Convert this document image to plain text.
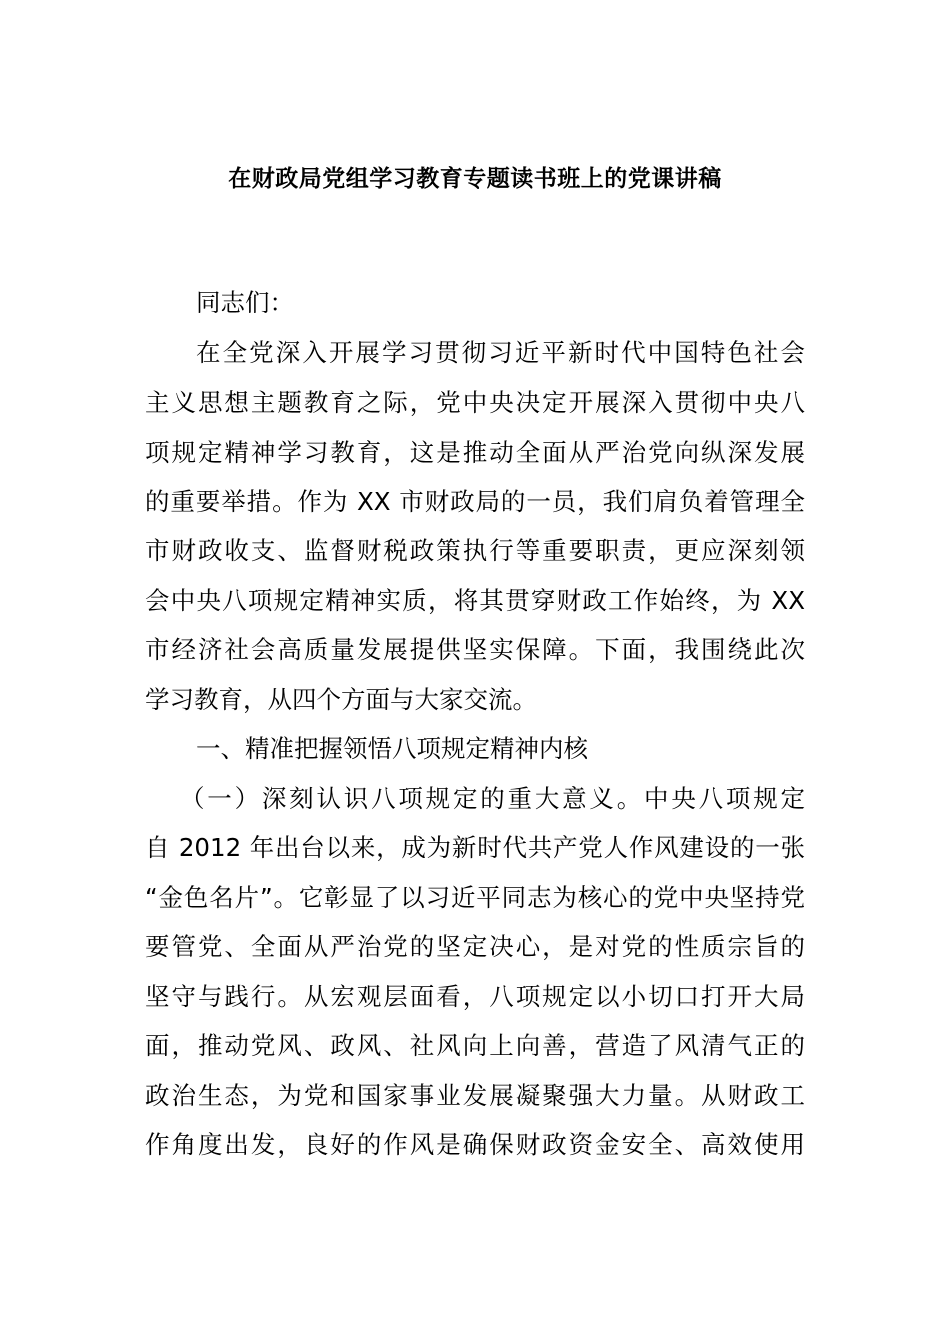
在财政局党组学习教育专题读书班上的党课讲稿
同志们：
在全党深入开展学习贯彻习近平新时代中国特色社会
主义思想主题教育之际，党中央决定开展深入贯彻中央八
项规定精神学习教育，这是推动全面从严治党向纵深发展
的重要举措。作为 XX 市财政局的一员，我们肩负着管理全
市财政收支、监督财税政策执行等重要职责，更应深刻领
会中央八项规定精神实质，将其贯穿财政工作始终，为 XX
市经济社会高质量发展提供坚实保障。下面，我围绕此次
学习教育，从四个方面与大家交流。
一、精准把握领悟八项规定精神内核
（一）深刻认识八项规定的重大意义。中央八项规定
自 2012 年出台以来，成为新时代共产党人作风建设的一张
“金色名片”。它彰显了以习近平同志为核心的党中央坚持党
要管党、全面从严治党的坚定决心，是对党的性质宗旨的
坚守与践行。从宏观层面看，八项规定以小切口打开大局
面，推动党风、政风、社风向上向善，营造了风清气正的
政治生态，为党和国家事业发展凝聚强大力量。从财政工
作角度出发，良好的作风是确保财政资金安全、高效使用
